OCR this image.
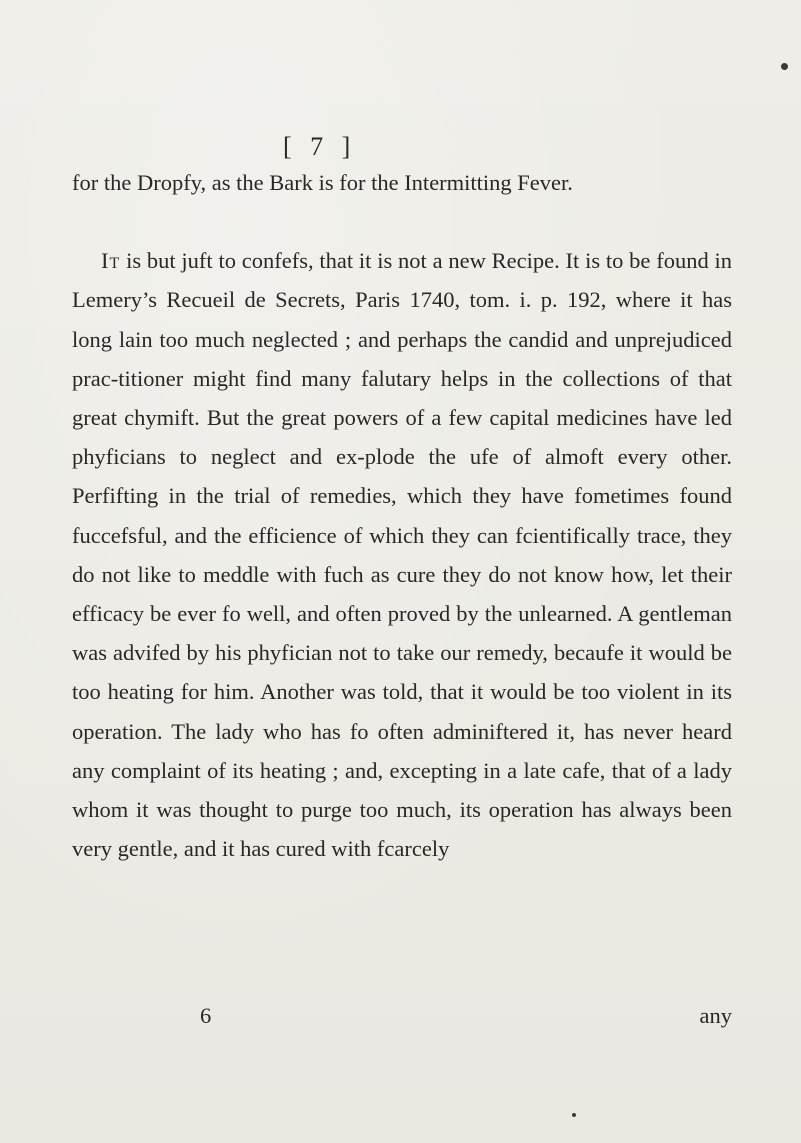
[ 7 ]

for the Dropfy, as the Bark is for the Intermitting Fever.

It is but juft to confefs, that it is not a new Recipe. It is to be found in Lemery’s Recueil de Secrets, Paris 1740, tom. i. p. 192, where it has long lain too much neglected ; and perhaps the candid and unprejudiced prac-titioner might find many falutary helps in the collections of that great chymift. But the great powers of a few capital medicines have led phyficians to neglect and ex-plode the ufe of almoft every other. Perfifting in the trial of remedies, which they have fometimes found fuccefsful, and the efficience of which they can fcientifically trace, they do not like to meddle with fuch as cure they do not know how, let their efficacy be ever fo well, and often proved by the unlearned. A gentleman was advifed by his phyfician not to take our remedy, becaufe it would be too heating for him. Another was told, that it would be too violent in its operation. The lady who has fo often adminiftered it, has never heard any complaint of its heating ; and, excepting in a late cafe, that of a lady whom it was thought to purge too much, its operation has always been very gentle, and it has cured with fcarcely

6	any
